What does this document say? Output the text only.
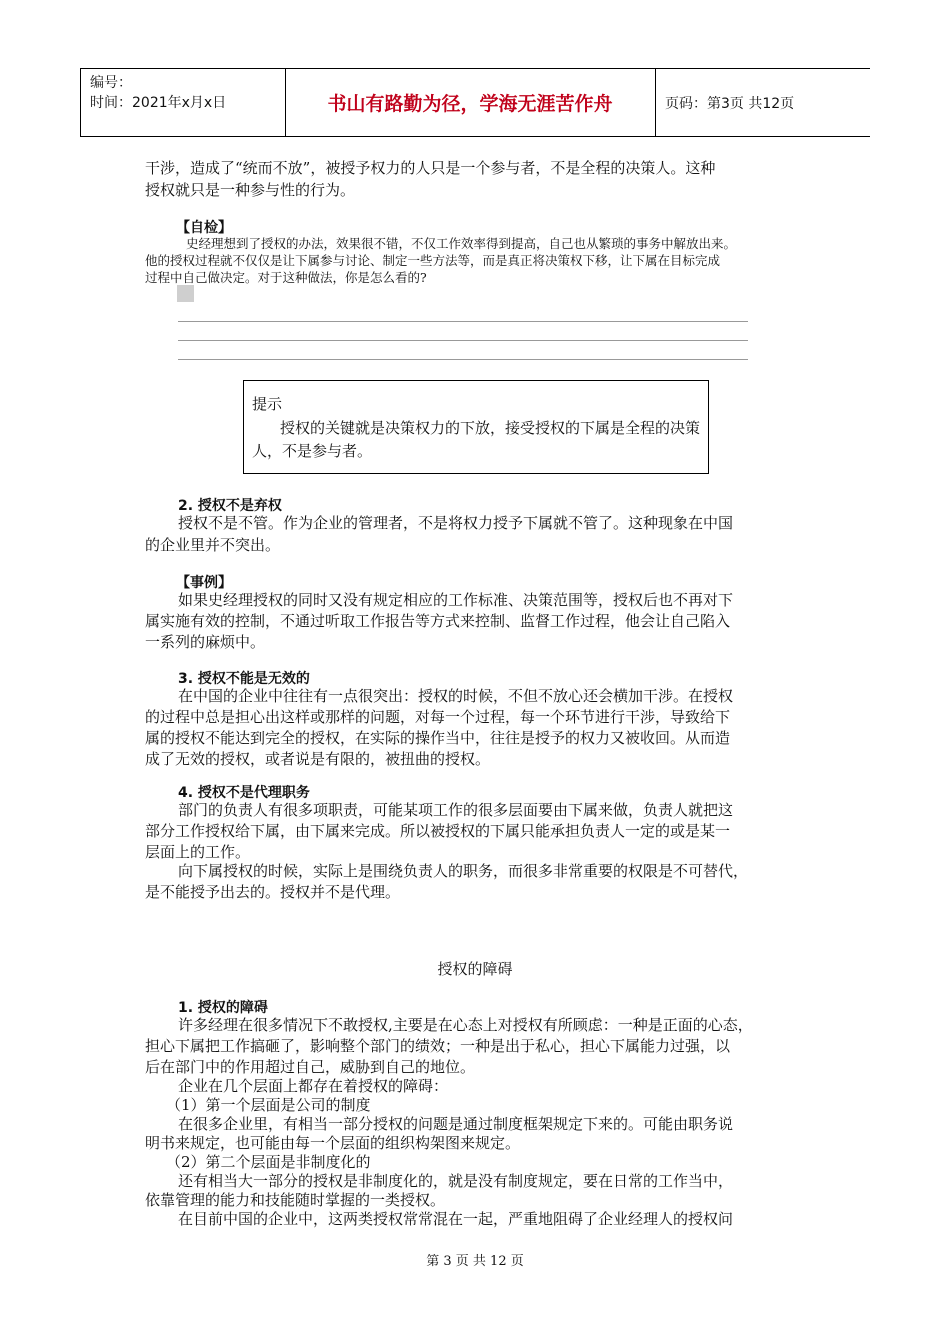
编号：
时间：2021年x月x日	书山有路勤为径，学海无涯苦作舟	页码：第3页 共12页
干涉，造成了“统而不放”，被授予权力的人只是一个参与者，不是全程的决策人。这种
授权就只是一种参与性的行为。
【自检】
史经理想到了授权的办法，效果很不错，不仅工作效率得到提高，自己也从繁琐的事务中解放出来。
他的授权过程就不仅仅是让下属参与讨论、制定一些方法等，而是真正将决策权下移，让下属在目标完成
过程中自己做决定。对于这种做法，你是怎么看的?
提示
授权的关键就是决策权力的下放，接受授权的下属是全程的决策人，不是参与者。
2. 授权不是弃权
授权不是不管。作为企业的管理者，不是将权力授予下属就不管了。这种现象在中国
的企业里并不突出。
【事例】
如果史经理授权的同时又没有规定相应的工作标准、决策范围等，授权后也不再对下
属实施有效的控制，不通过听取工作报告等方式来控制、监督工作过程，他会让自己陷入
一系列的麻烦中。
3. 授权不能是无效的
在中国的企业中往往有一点很突出：授权的时候，不但不放心还会横加干涉。在授权
的过程中总是担心出这样或那样的问题，对每一个过程，每一个环节进行干涉，导致给下
属的授权不能达到完全的授权，在实际的操作当中，往往是授予的权力又被收回。从而造
成了无效的授权，或者说是有限的，被扭曲的授权。
4. 授权不是代理职务
部门的负责人有很多项职责，可能某项工作的很多层面要由下属来做，负责人就把这
部分工作授权给下属，由下属来完成。所以被授权的下属只能承担负责人一定的或是某一
层面上的工作。
向下属授权的时候，实际上是围绕负责人的职务，而很多非常重要的权限是不可替代，
是不能授予出去的。授权并不是代理。
授权的障碍
1. 授权的障碍
许多经理在很多情况下不敢授权,主要是在心态上对授权有所顾虑：一种是正面的心态，
担心下属把工作搞砸了，影响整个部门的绩效；一种是出于私心，担心下属能力过强，以
后在部门中的作用超过自己，威胁到自己的地位。
企业在几个层面上都存在着授权的障碍：
（1）第一个层面是公司的制度
在很多企业里，有相当一部分授权的问题是通过制度框架规定下来的。可能由职务说
明书来规定，也可能由每一个层面的组织构架图来规定。
（2）第二个层面是非制度化的
还有相当大一部分的授权是非制度化的，就是没有制度规定，要在日常的工作当中，
依靠管理的能力和技能随时掌握的一类授权。
在目前中国的企业中，这两类授权常常混在一起，严重地阻碍了企业经理人的授权问
第 3 页 共 12 页
